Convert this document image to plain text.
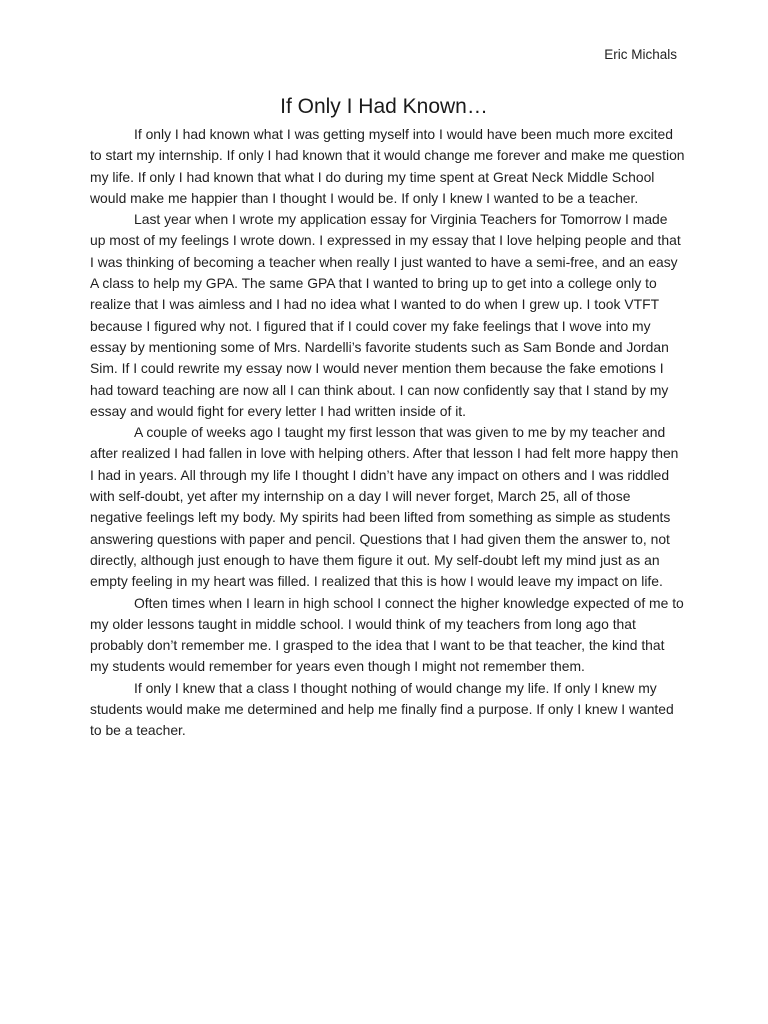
Eric Michals
If Only I Had Known…

If only I had known what I was getting myself into I would have been much more excited to start my internship. If only I had known that it would change me forever and make me question my life. If only I had known that what I do during my time spent at Great Neck Middle School would make me happier than I thought I would be. If only I knew I wanted to be a teacher.

Last year when I wrote my application essay for Virginia Teachers for Tomorrow I made up most of my feelings I wrote down. I expressed in my essay that I love helping people and that I was thinking of becoming a teacher when really I just wanted to have a semi-free, and an easy A class to help my GPA. The same GPA that I wanted to bring up to get into a college only to realize that I was aimless and I had no idea what I wanted to do when I grew up. I took VTFT because I figured why not. I figured that if I could cover my fake feelings that I wove into my essay by mentioning some of Mrs. Nardelli’s favorite students such as Sam Bonde and Jordan Sim. If I could rewrite my essay now I would never mention them because the fake emotions I had toward teaching are now all I can think about. I can now confidently say that I stand by my essay and would fight for every letter I had written inside of it.

A couple of weeks ago I taught my first lesson that was given to me by my teacher and after realized I had fallen in love with helping others. After that lesson I had felt more happy then I had in years. All through my life I thought I didn’t have any impact on others and I was riddled with self-doubt, yet after my internship on a day I will never forget, March 25, all of those negative feelings left my body. My spirits had been lifted from something as simple as students answering questions with paper and pencil. Questions that I had given them the answer to, not directly, although just enough to have them figure it out. My self-doubt left my mind just as an empty feeling in my heart was filled. I realized that this is how I would leave my impact on life.

Often times when I learn in high school I connect the higher knowledge expected of me to my older lessons taught in middle school. I would think of my teachers from long ago that probably don’t remember me. I grasped to the idea that I want to be that teacher, the kind that my students would remember for years even though I might not remember them.

If only I knew that a class I thought nothing of would change my life. If only I knew my students would make me determined and help me finally find a purpose. If only I knew I wanted to be a teacher.
